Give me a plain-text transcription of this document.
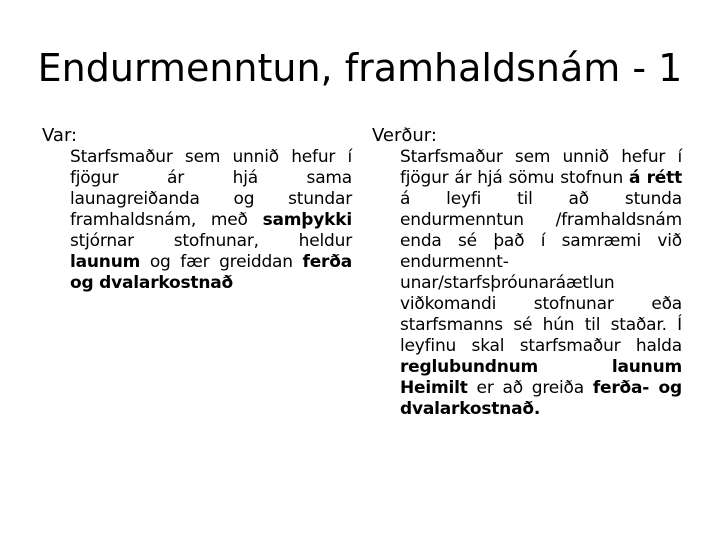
Endurmenntun, framhaldsnám - 1

Var:

Starfsmaður sem unnið hefur í fjögur ár hjá sama launagreiðanda og stundar framhaldsnám, með samþykki stjórnar stofnunar, heldur launum og fær greiddan ferða og dvalarkostnað

Verður:

Starfsmaður sem unnið hefur í fjögur ár hjá sömu stofnun á rétt á leyfi til að stunda endurmenntun /framhaldsnám enda sé það í samræmi við endurmennt-unar/starfsþróunaráætlun viðkomandi stofnunar eða starfsmanns sé hún til staðar. Í leyfinu skal starfsmaður halda reglubundnum launum Heimilt er að greiða ferða- og dvalarkostnað.
